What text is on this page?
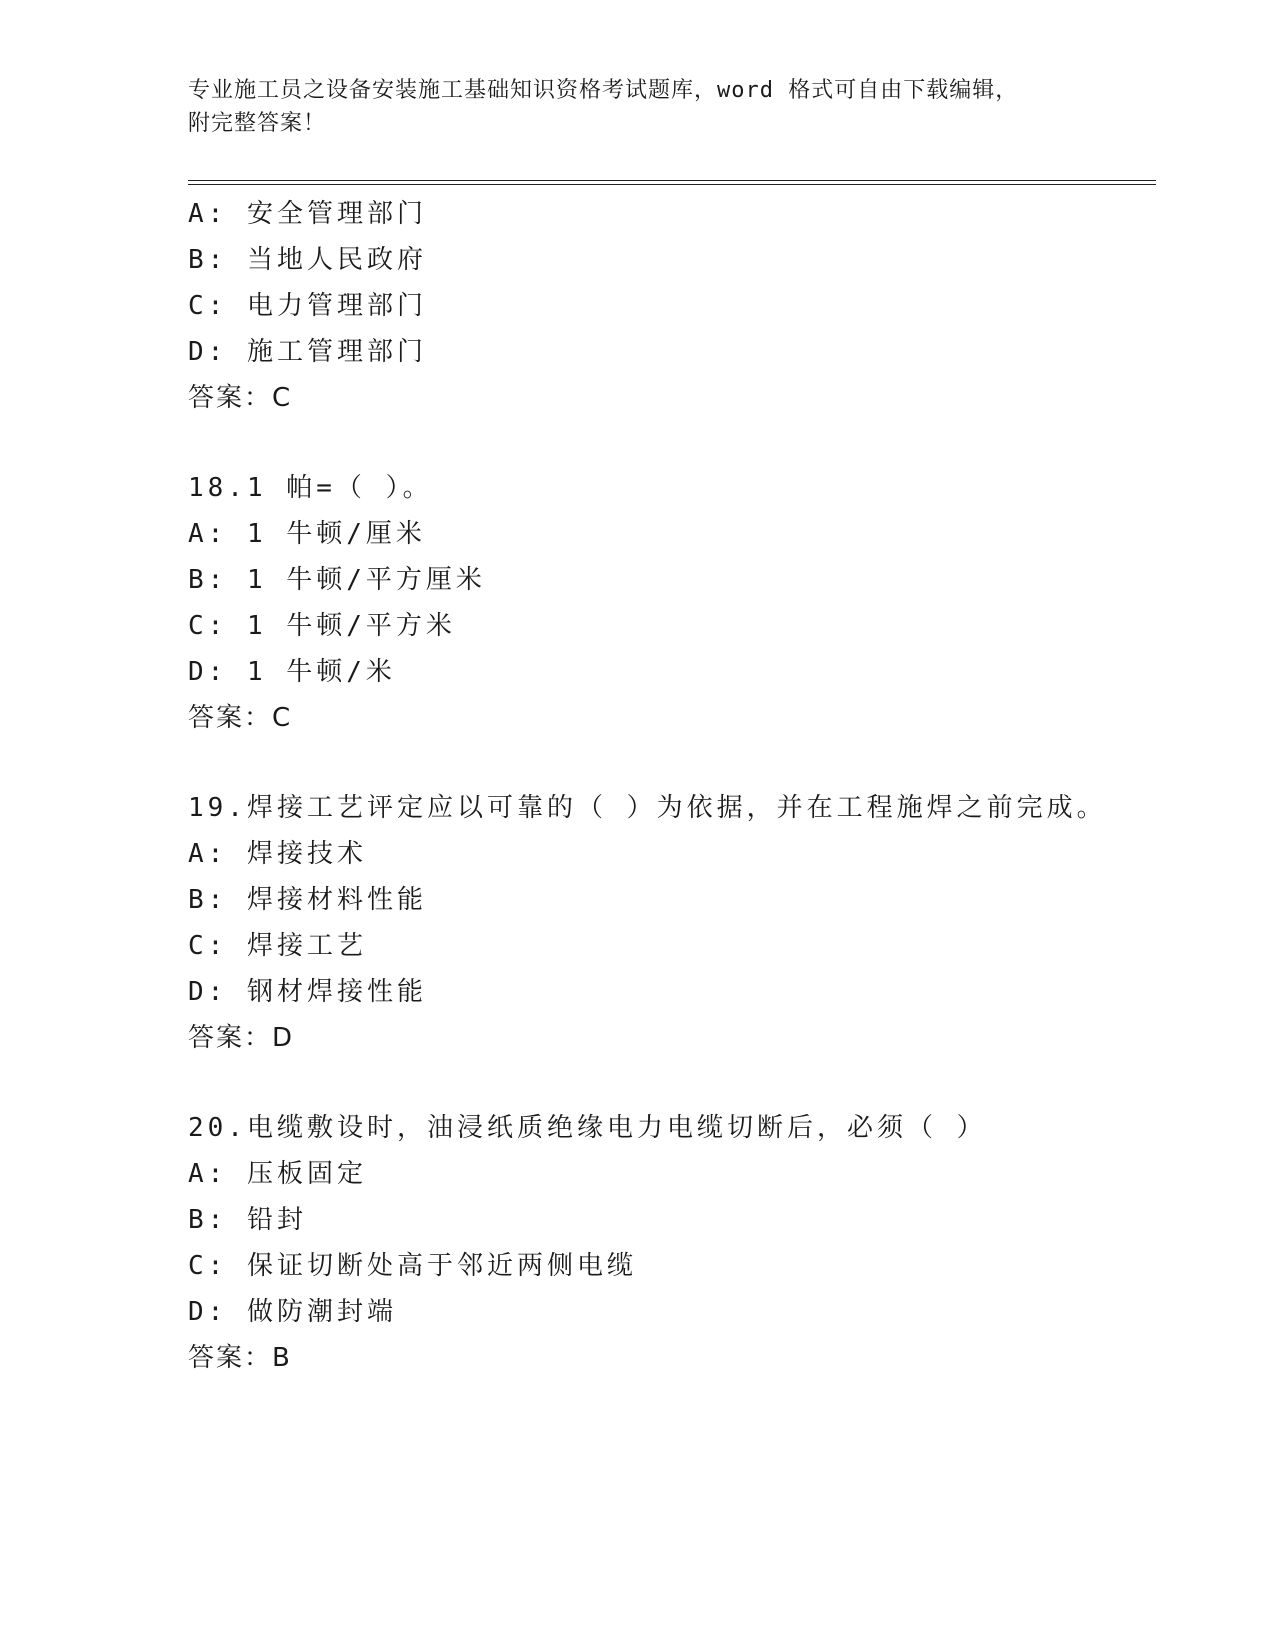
专业施工员之设备安装施工基础知识资格考试题库，word 格式可自由下载编辑，
附完整答案！
A: 安全管理部门
B: 当地人民政府
C: 电力管理部门
D: 施工管理部门
答案：C
18.1 帕=（ ）。
A: 1 牛顿/厘米
B: 1 牛顿/平方厘米
C: 1 牛顿/平方米
D: 1 牛顿/米
答案：C
19.焊接工艺评定应以可靠的（ ）为依据，并在工程施焊之前完成。
A: 焊接技术
B: 焊接材料性能
C: 焊接工艺
D: 钢材焊接性能
答案：D
20.电缆敷设时，油浸纸质绝缘电力电缆切断后，必须（ ）
A: 压板固定
B: 铅封
C: 保证切断处高于邻近两侧电缆
D: 做防潮封端
答案：B
